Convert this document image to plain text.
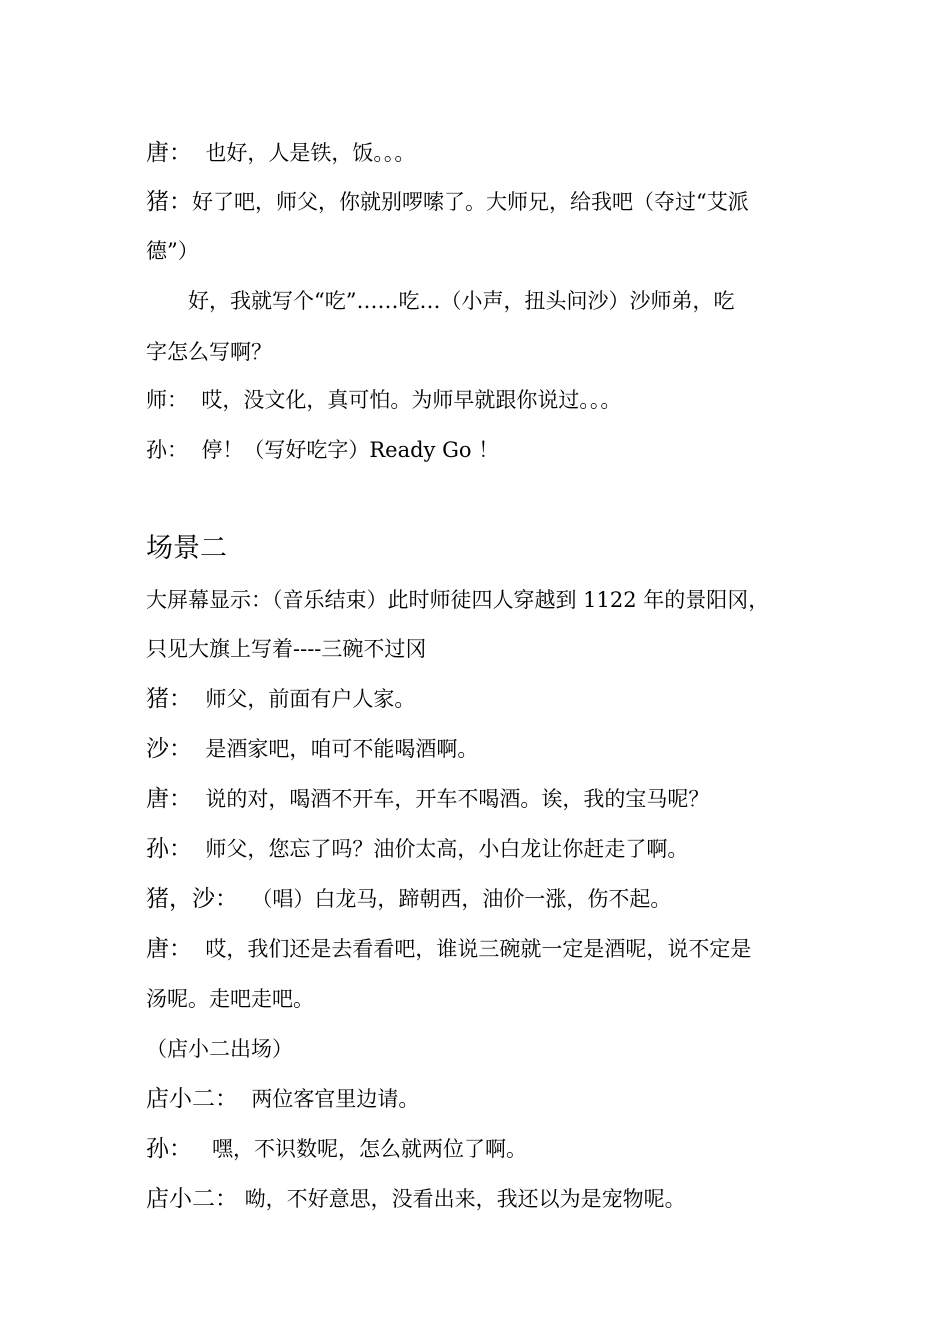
唐：  也好，人是铁，饭。。。
猪：好了吧，师父，你就别啰嗦了。大师兄，给我吧（夺过“艾派
德”）
好，我就写个“吃”……吃…（小声，扭头问沙）沙师弟，吃
字怎么写啊？
师：  哎，没文化，真可怕。为师早就跟你说过。。。
孙：  停！（写好吃字）Ready Go ！
场景二
大屏幕显示：（音乐结束）此时师徒四人穿越到 1122 年的景阳冈，
只见大旗上写着----三碗不过冈
猪：  师父，前面有户人家。
沙：  是酒家吧，咱可不能喝酒啊。
唐：  说的对，喝酒不开车，开车不喝酒。诶，我的宝马呢？
孙：  师父，您忘了吗？油价太高，小白龙让你赶走了啊。
猪，沙：  （唱）白龙马，蹄朝西，油价一涨，伤不起。
唐：  哎，我们还是去看看吧，谁说三碗就一定是酒呢，说不定是
汤呢。走吧走吧。
（店小二出场）
店小二：  两位客官里边请。
孙：   嘿，不识数呢，怎么就两位了啊。
店小二： 呦，不好意思，没看出来，我还以为是宠物呢。
